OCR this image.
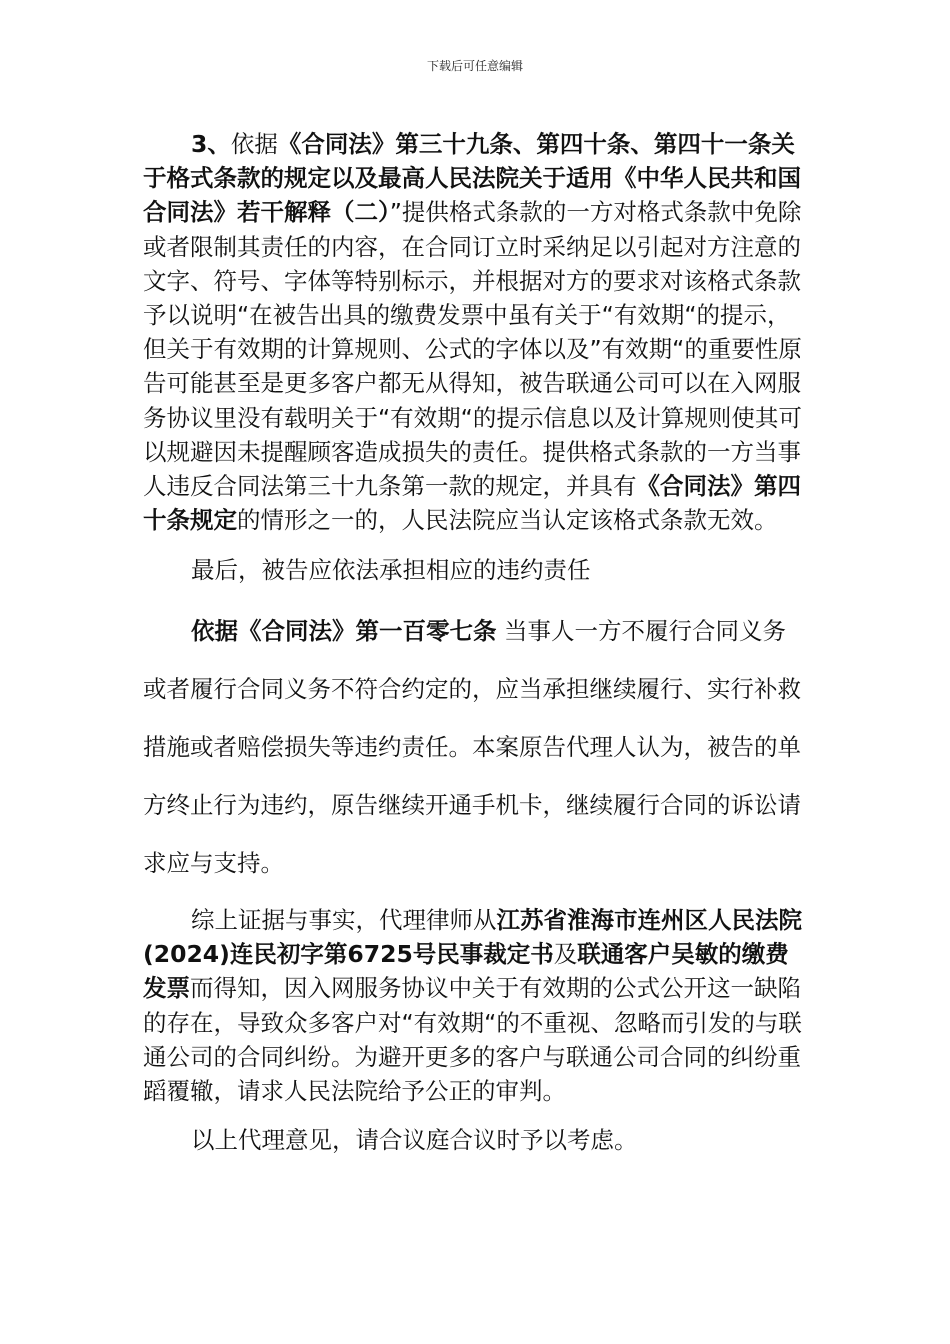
下载后可任意编辑

3、依据《合同法》第三十九条、第四十条、第四十一条关于格式条款的规定以及最高人民法院关于适用《中华人民共和国合同法》若干解释（二）”提供格式条款的一方对格式条款中免除或者限制其责任的内容，在合同订立时采纳足以引起对方注意的文字、符号、字体等特别标示，并根据对方的要求对该格式条款予以说明“在被告出具的缴费发票中虽有关于“有效期“的提示，但关于有效期的计算规则、公式的字体以及”有效期“的重要性原告可能甚至是更多客户都无从得知，被告联通公司可以在入网服务协议里没有载明关于“有效期“的提示信息以及计算规则使其可以规避因未提醒顾客造成损失的责任。提供格式条款的一方当事人违反合同法第三十九条第一款的规定，并具有《合同法》第四十条规定的情形之一的，人民法院应当认定该格式条款无效。

最后，被告应依法承担相应的违约责任

依据《合同法》第一百零七条 当事人一方不履行合同义务或者履行合同义务不符合约定的，应当承担继续履行、实行补救措施或者赔偿损失等违约责任。本案原告代理人认为，被告的单方终止行为违约，原告继续开通手机卡，继续履行合同的诉讼请求应与支持。

综上证据与事实，代理律师从江苏省淮海市连州区人民法院(2024)连民初字第6725号民事裁定书及联通客户吴敏的缴费发票而得知，因入网服务协议中关于有效期的公式公开这一缺陷的存在，导致众多客户对“有效期“的不重视、忽略而引发的与联通公司的合同纠纷。为避开更多的客户与联通公司合同的纠纷重蹈覆辙，请求人民法院给予公正的审判。

以上代理意见，请合议庭合议时予以考虑。
